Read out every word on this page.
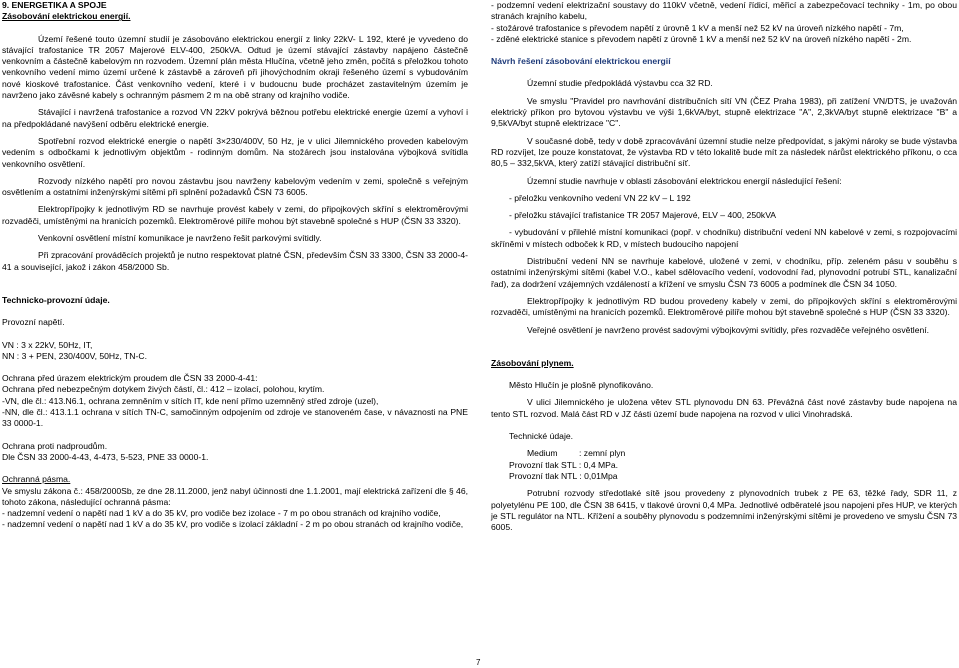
9. ENERGETIKA A SPOJE

Zásobování elektrickou energií.

Území řešené touto územní studií je zásobováno elektrickou energií z linky 22kV- L 192, které je vyvedeno do stávající trafostanice TR 2057 Majerové ELV-400, 250kVA. Odtud je území stávající zástavby napájeno částečně venkovním a částečně kabelovým nn rozvodem. Územní plán města Hlučína, včetně jeho změn, počítá s přeložkou tohoto venkovního vedení mimo území určené k zástavbě a zároveň při jihovýchodním okraji řešeného území s vybudováním nové kioskové trafostanice. Část venkovního vedení, které i v budoucnu bude procházet zastavitelným územím je navrženo jako závěsné kabely s ochranným pásmem 2 m na obě strany od krajního vodiče.

Stávající i navržená trafostanice a rozvod VN 22kV pokrývá běžnou potřebu elektrické energie území a vyhoví i na předpokládané navýšení odběru elektrické energie.

Spotřební rozvod elektrické energie o napětí 3×230/400V, 50 Hz, je v ulici Jilemnického proveden kabelovým vedením s odbočkami k jednotlivým objektům - rodinným domům. Na stožárech jsou instalována výbojková svítidla venkovního osvětlení.

Rozvody nízkého napětí pro novou zástavbu jsou navrženy kabelovým vedením v zemi, společně s veřejným osvětlením a ostatními inženýrskými sítěmi při splnění požadavků ČSN 73 6005.

Elektropřípojky k jednotlivým RD se navrhuje provést kabely v zemi, do připojkových skříní s elektroměrovými rozvaděči, umístěnými na hranicích pozemků. Elektroměrové pilíře mohou být stavebně společné s HUP (ČSN 33 3320).

Venkovní osvětlení místní komunikace je navrženo řešit parkovými svítidly.

Při zpracování prováděcích projektů je nutno respektovat platné ČSN, především ČSN 33 3300, ČSN 33 2000-4-41 a související, jakož i zákon 458/2000 Sb.

Technicko-provozní údaje.

Provozní napětí.

VN : 3 x 22kV, 50Hz, IT,

NN : 3 + PEN, 230/400V, 50Hz, TN-C.

Ochrana před úrazem elektrickým proudem dle ČSN 33 2000-4-41:

Ochrana před nebezpečným dotykem živých částí, čl.: 412 – izolací, polohou, krytím.

-VN, dle čl.: 413.N6.1, ochrana zemněním v sítích IT, kde není přímo uzemněný střed zdroje (uzel),

-NN, dle čl.: 413.1.1 ochrana v sítích TN-C, samočinným odpojením od zdroje ve stanoveném čase, v návaznosti na PNE 33 0000-1.

Ochrana proti nadproudům.

Dle ČSN 33 2000-4-43, 4-473, 5-523, PNE 33 0000-1.

Ochranná pásma.

Ve smyslu zákona č.: 458/2000Sb, ze dne 28.11.2000, jenž nabyl účinnosti dne 1.1.2001, mají elektrická zařízení dle § 46, tohoto zákona, následující ochranná pásma:

- nadzemní vedení o napětí nad 1 kV a do 35 kV, pro vodiče bez izolace - 7 m po obou stranách od krajního vodiče,

- nadzemní vedení o napětí nad 1 kV a do 35 kV, pro vodiče s izolací základní - 2 m po obou stranách od krajního vodiče,

- podzemní vedení elektrizační soustavy do 110kV včetně, vedení řídicí, měřicí a zabezpečovací techniky - 1m, po obou stranách krajního kabelu,

- stožárové trafostanice s převodem napětí z úrovně 1 kV a menší než 52 kV na úroveň nízkého napětí - 7m,

- zděné elektrické stanice s převodem napětí z úrovně 1 kV a menší než 52 kV na úroveň nízkého napětí - 2m.

Návrh řešení zásobování elektrickou energií

Územní studie předpokládá výstavbu cca 32 RD.

Ve smyslu "Pravidel pro navrhování distribučních sítí VN (ČEZ Praha 1983), při zatížení VN/DTS, je uvažován elektrický příkon pro bytovou výstavbu ve výši 1,6kVA/byt, stupně elektrizace "A", 2,3kVA/byt stupně elektrizace "B" a 9,5kVA/byt stupně elektrizace "C".

V současné době, tedy v době zpracovávání územní studie nelze předpovídat, s jakými nároky se bude výstavba RD rozvíjet, lze pouze konstatovat, že výstavba RD v této lokalitě bude mít za následek nárůst elektrického příkonu, o cca 80,5 – 332,5kVA, který zatíží stávající distribuční síť.

Územní studie navrhuje v oblasti zásobování elektrickou energií následující řešení:

- přeložku venkovního vedení VN 22 kV – L 192

- přeložku stávající trafistanice TR 2057 Majerové, ELV – 400, 250kVA

- vybudování v přilehlé místní komunikaci (popř. v chodníku) distribuční vedení NN kabelové v zemi, s rozpojovacími skříněmi v místech odboček k RD, v místech budoucího napojení

Distribuční vedení NN se navrhuje kabelové, uložené v zemi, v chodníku, příp. zeleném pásu v souběhu s ostatními inženýrskými sítěmi (kabel V.O., kabel sdělovacího vedení, vodovodní řad, plynovodní potrubí STL, kanalizační řad), za dodržení vzájemných vzdáleností a křížení ve smyslu ČSN 73 6005 a podmínek dle ČSN 34 1050.

Elektropřípojky k jednotlivým RD budou provedeny kabely v zemi, do přípojkových skříní s elektroměrovými rozvaděči, umístěnými na hranicích pozemků. Elektroměrové pilíře mohou být stavebně společné s HUP (ČSN 33 3320).

Veřejné osvětlení je navrženo provést sadovými výbojkovými svítidly, přes rozvaděče veřejného osvětlení.

Zásobování plynem.

Město Hlučín je plošně plynofikováno.

V ulici Jilemnického je uložena větev STL plynovodu DN 63. Převážná část nové zástavby bude napojena na tento STL rozvod. Malá část RD v JZ části území bude napojena na rozvod v ulici Vinohradská.

Technické údaje.

Medium : zemní plyn

Provozní tlak STL : 0,4 MPa.

Provozní tlak NTL : 0,01Mpa

Potrubní rozvody středotlaké sítě jsou provedeny z plynovodních trubek z PE 63, těžké řady, SDR 11, z polyetylénu PE 100, dle ČSN 38 6415, v tlakové úrovni 0,4 MPa. Jednotlivé odběratelé jsou napojeni přes HUP, ve kterých je STL regulátor na NTL. Křížení a souběhy plynovodu s podzemními inženýrskými sítěmi je provedeno ve smyslu ČSN 73 6005.

7
